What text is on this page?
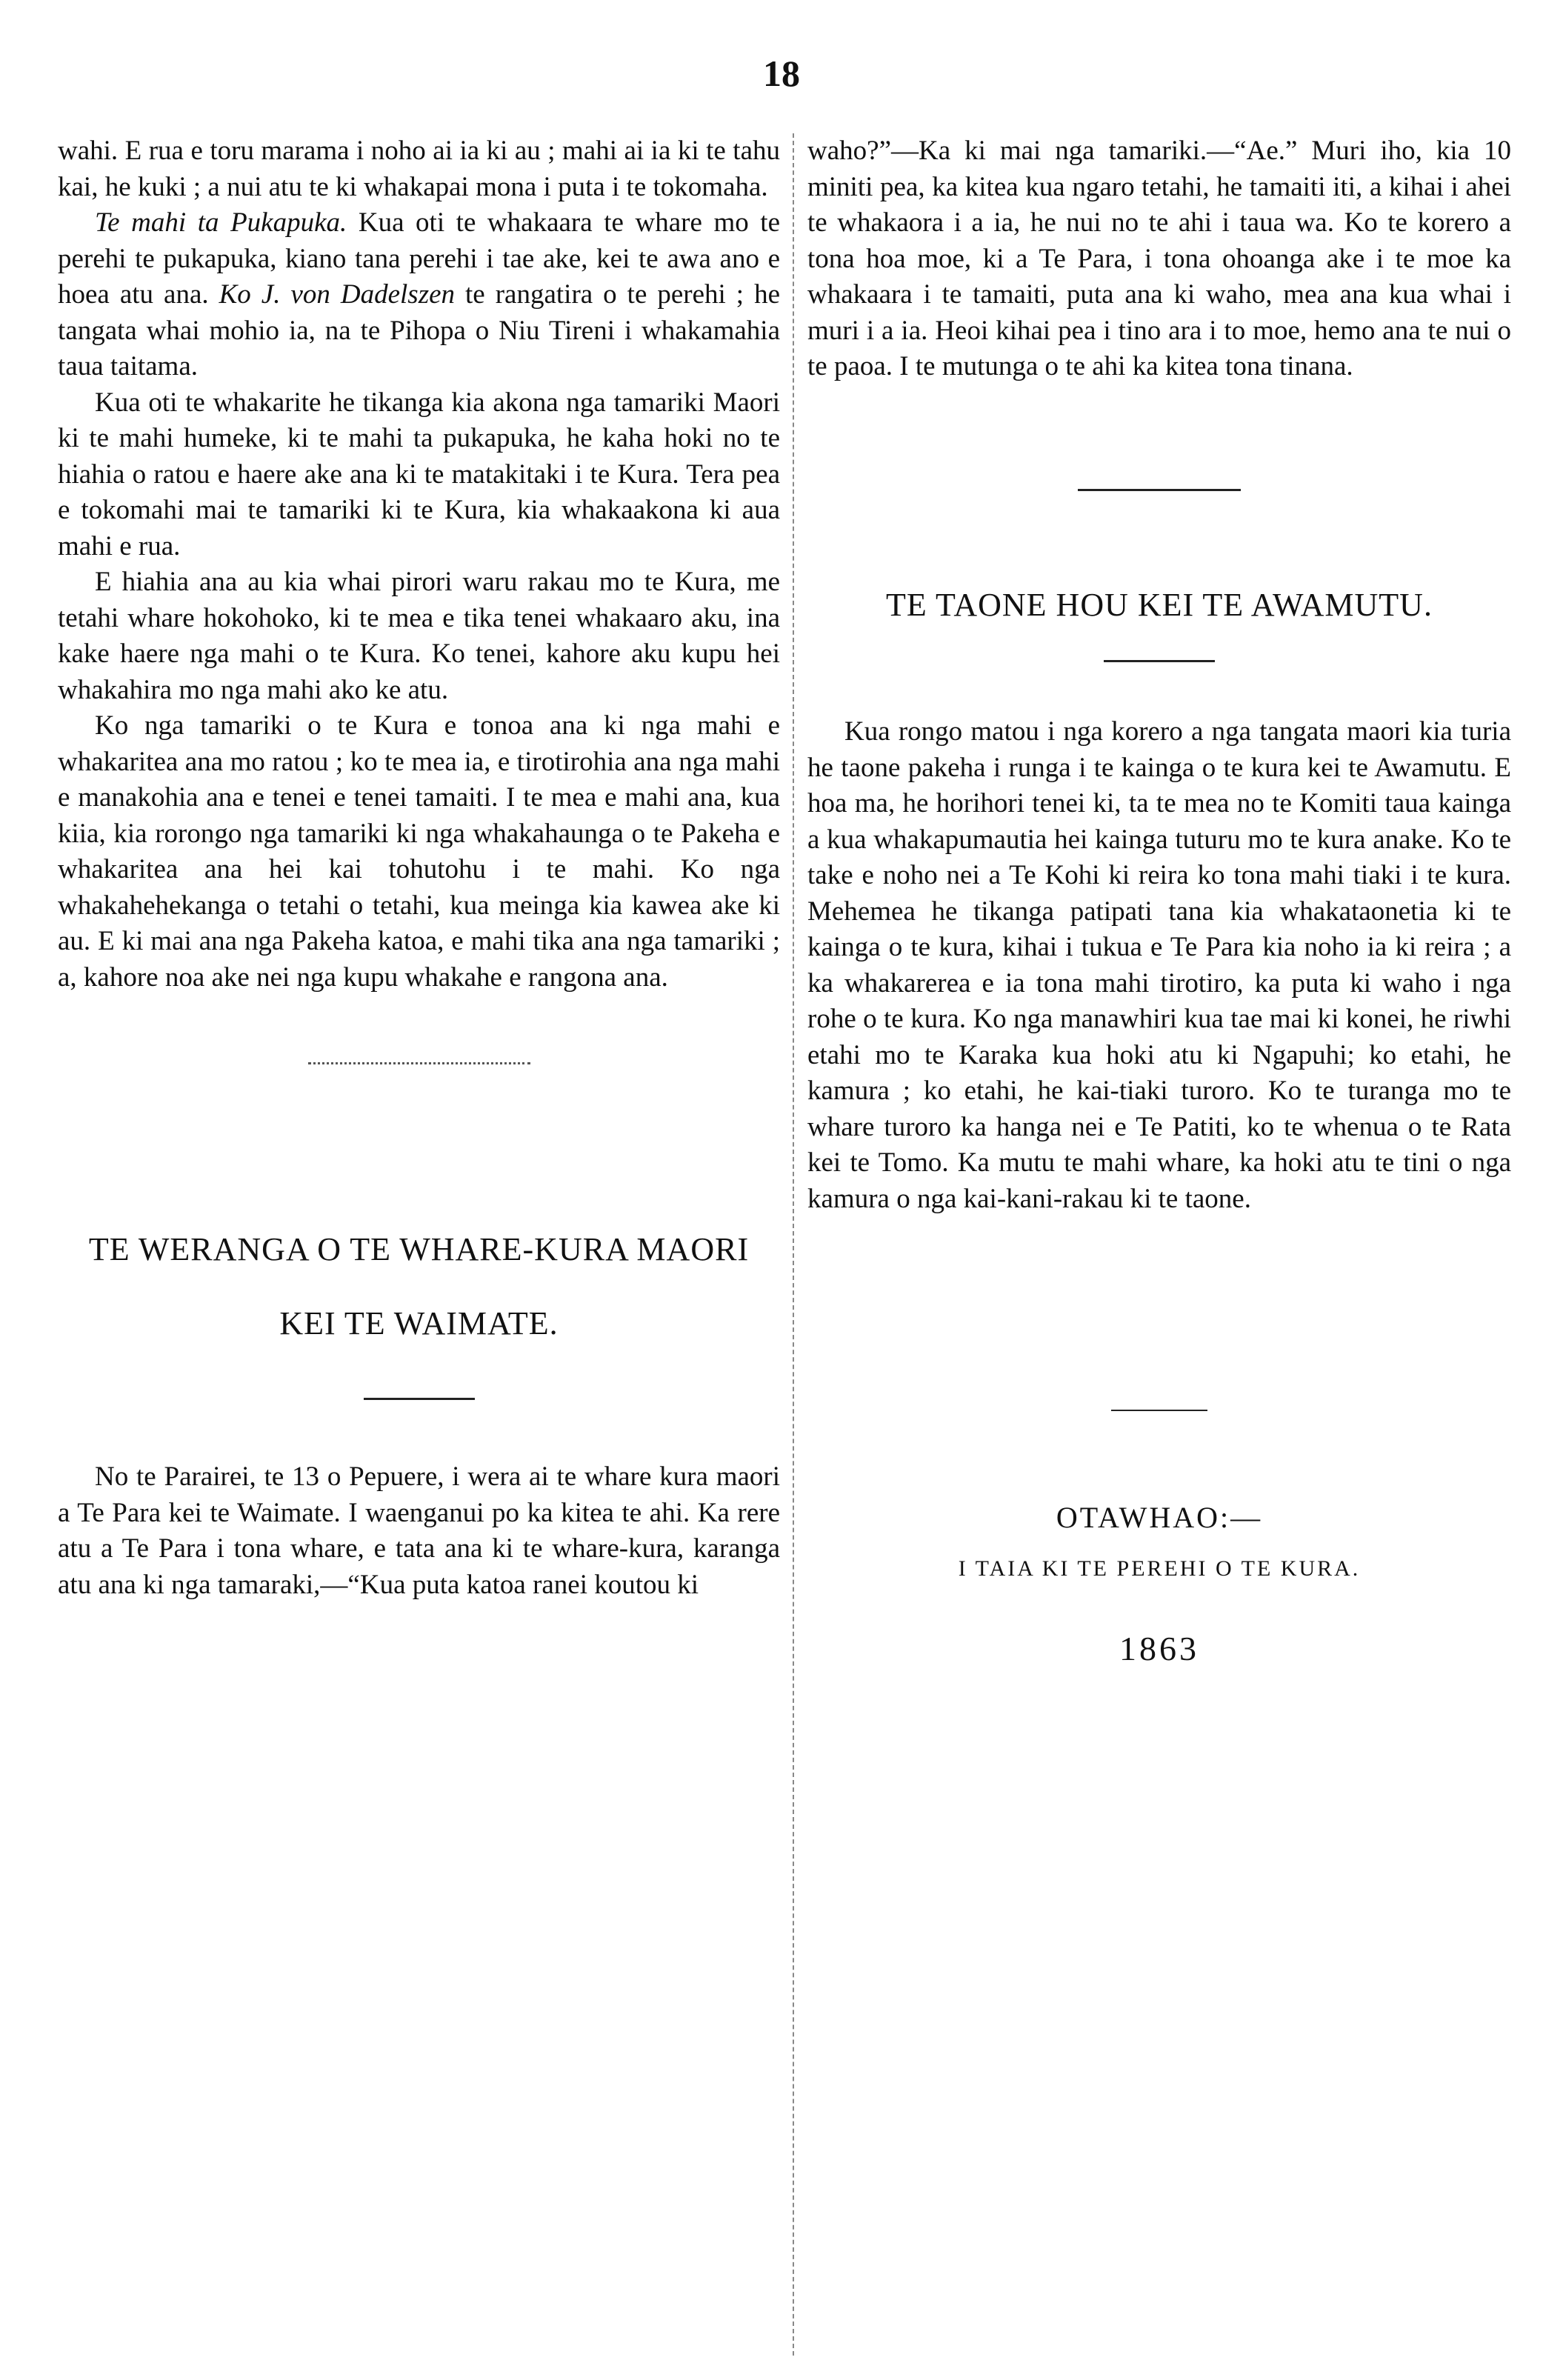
18

wahi. E rua e toru marama i noho ai ia ki au ; mahi ai ia ki te tahu kai, he kuki ; a nui atu te ki whakapai mona i puta i te tokomaha.

Te mahi ta Pukapuka. Kua oti te whakaara te whare mo te perehi te pukapuka, kiano tana perehi i tae ake, kei te awa ano e hoea atu ana. Ko J. von Dadelszen te rangatira o te perehi ; he tangata whai mohio ia, na te Pihopa o Niu Tireni i whakamahia taua taitama.

Kua oti te whakarite he tikanga kia akona nga tamariki Maori ki te mahi humeke, ki te mahi ta pukapuka, he kaha hoki no te hiahia o ratou e haere ake ana ki te matakitaki i te Kura. Tera pea e tokomahi mai te tamariki ki te Kura, kia whakaakona ki aua mahi e rua.

E hiahia ana au kia whai pirori waru rakau mo te Kura, me tetahi whare hokohoko, ki te mea e tika tenei whakaaro aku, ina kake haere nga mahi o te Kura. Ko tenei, kahore aku kupu hei whakahira mo nga mahi ako ke atu.

Ko nga tamariki o te Kura e tonoa ana ki nga mahi e whakaritea ana mo ratou ; ko te mea ia, e tirotirohia ana nga mahi e manakohia ana e tenei e tenei tamaiti. I te mea e mahi ana, kua kiia, kia rorongo nga tamariki ki nga whakahaunga o te Pakeha e whakaritea ana hei kai tohutohu i te mahi. Ko nga whakahehekanga o tetahi o tetahi, kua meinga kia kawea ake ki au. E ki mai ana nga Pakeha katoa, e mahi tika ana nga tamariki ; a, kahore noa ake nei nga kupu whakahe e rangona ana.

TE WERANGA O TE WHARE-KURA MAORI KEI TE WAIMATE.

No te Parairei, te 13 o Pepuere, i wera ai te whare kura maori a Te Para kei te Waimate. I waenganui po ka kitea te ahi. Ka rere atu a Te Para i tona whare, e tata ana ki te whare-kura, karanga atu ana ki nga tamaraki,—“Kua puta katoa ranei koutou ki

waho?”—Ka ki mai nga tamariki.—“Ae.” Muri iho, kia 10 miniti pea, ka kitea kua ngaro tetahi, he tamaiti iti, a kihai i ahei te whakaora i a ia, he nui no te ahi i taua wa. Ko te korero a tona hoa moe, ki a Te Para, i tona ohoanga ake i te moe ka whakaara i te tamaiti, puta ana ki waho, mea ana kua whai i muri i a ia. Heoi kihai pea i tino ara i to moe, hemo ana te nui o te paoa. I te mutunga o te ahi ka kitea tona tinana.

TE TAONE HOU KEI TE AWAMUTU.

Kua rongo matou i nga korero a nga tangata maori kia turia he taone pakeha i runga i te kainga o te kura kei te Awamutu. E hoa ma, he horihori tenei ki, ta te mea no te Komiti taua kainga a kua whakapumautia hei kainga tuturu mo te kura anake. Ko te take e noho nei a Te Kohi ki reira ko tona mahi tiaki i te kura. Mehemea he tikanga patipati tana kia whakataonetia ki te kainga o te kura, kihai i tukua e Te Para kia noho ia ki reira ; a ka whakarerea e ia tona mahi tirotiro, ka puta ki waho i nga rohe o te kura. Ko nga manawhiri kua tae mai ki konei, he riwhi etahi mo te Karaka kua hoki atu ki Ngapuhi; ko etahi, he kamura ; ko etahi, he kai-tiaki turoro. Ko te turanga mo te whare turoro ka hanga nei e Te Patiti, ko te whenua o te Rata kei te Tomo. Ka mutu te mahi whare, ka hoki atu te tini o nga kamura o nga kai-kani-rakau ki te taone.

OTAWHAO:—
I TAIA KI TE PEREHI O TE KURA.
1863
